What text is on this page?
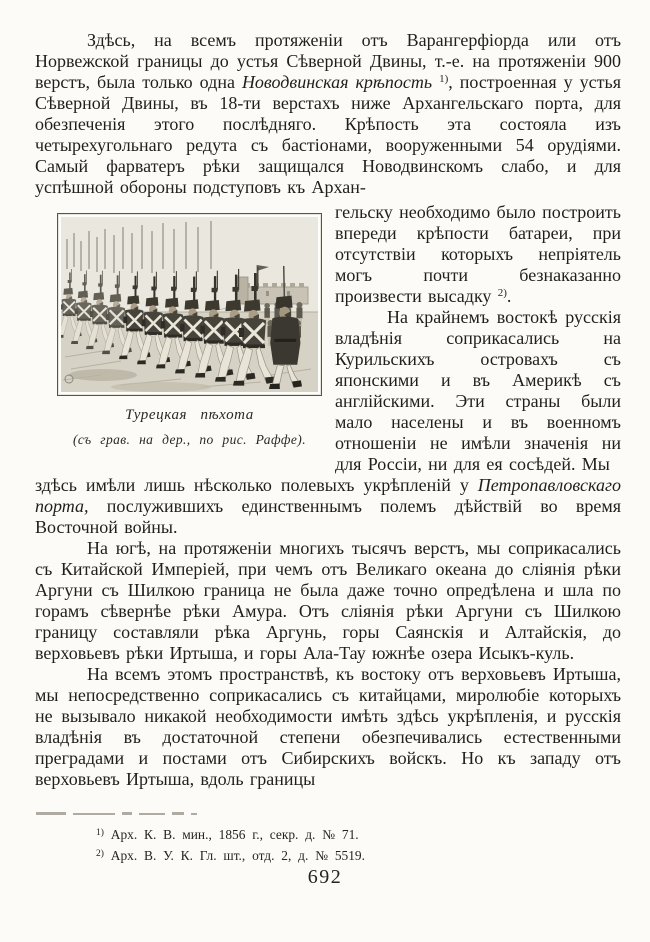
Здѣсь, на всемъ протяженіи отъ Варангерфіорда или отъ Норвежской границы до устья Сѣверной Двины, т.-е. на протяженіи 900 верстъ, была только одна Новодвинская крѣпость $^{1)}$, построенная у устья Сѣверной Двины, въ 18-ти верстахъ ниже Архангельскаго порта, для обезпеченія этого послѣдняго. Крѣпость эта состояла изъ четырехугольнаго редута съ бастіонами, вооруженными 54 орудіями. Самый фарватеръ рѣки защищался Новодвинскомъ слабо, и для успѣшной обороны подступовъ къ Архан-

Турецкая пѣхота
(съ грав. на дер., по рис. Раффе).

гельску необходимо было построить впереди крѣпости батареи, при отсутствіи которыхъ непріятель могъ почти безнаказанно произвести высадку $^{2)}$.

На крайнемъ востокѣ русскія владѣнія соприкасались на Курильскихъ островахъ съ японскими и въ Америкѣ съ англійскими. Эти страны были мало населены и въ военномъ отношеніи не имѣли значенія ни для Россіи, ни для ея сосѣдей. Мы

здѣсь имѣли лишь нѣсколько полевыхъ укрѣпленій у Петропавловскаго порта, послужившихъ единственнымъ полемъ дѣйствій во время Восточной войны.

На югѣ, на протяженіи многихъ тысячъ верстъ, мы соприкасались съ Китайской Имперіей, при чемъ отъ Великаго океана до сліянія рѣки Аргуни съ Шилкою граница не была даже точно опредѣлена и шла по горамъ сѣвернѣе рѣки Амура. Отъ сліянія рѣки Аргуни съ Шилкою границу составляли рѣка Аргунь, горы Саянскія и Алтайскія, до верховьевъ рѣки Иртыша, и горы Ала-Тау южнѣе озера Исыкъ-куль.

На всемъ этомъ пространствѣ, къ востоку отъ верховьевъ Иртыша, мы непосредственно соприкасались съ китайцами, миролюбіе которыхъ не вызывало никакой необходимости имѣть здѣсь укрѣпленія, и русскія владѣнія въ достаточной степени обезпечивались естественными преградами и постами отъ Сибирскихъ войскъ. Но къ западу отъ верховьевъ Иртыша, вдоль границы

$^{1)}$ Арх. К. В. мин., 1856 г., секр. д. № 71.
$^{2)}$ Арх. В. У. К. Гл. шт., отд. 2, д. № 5519.
692
